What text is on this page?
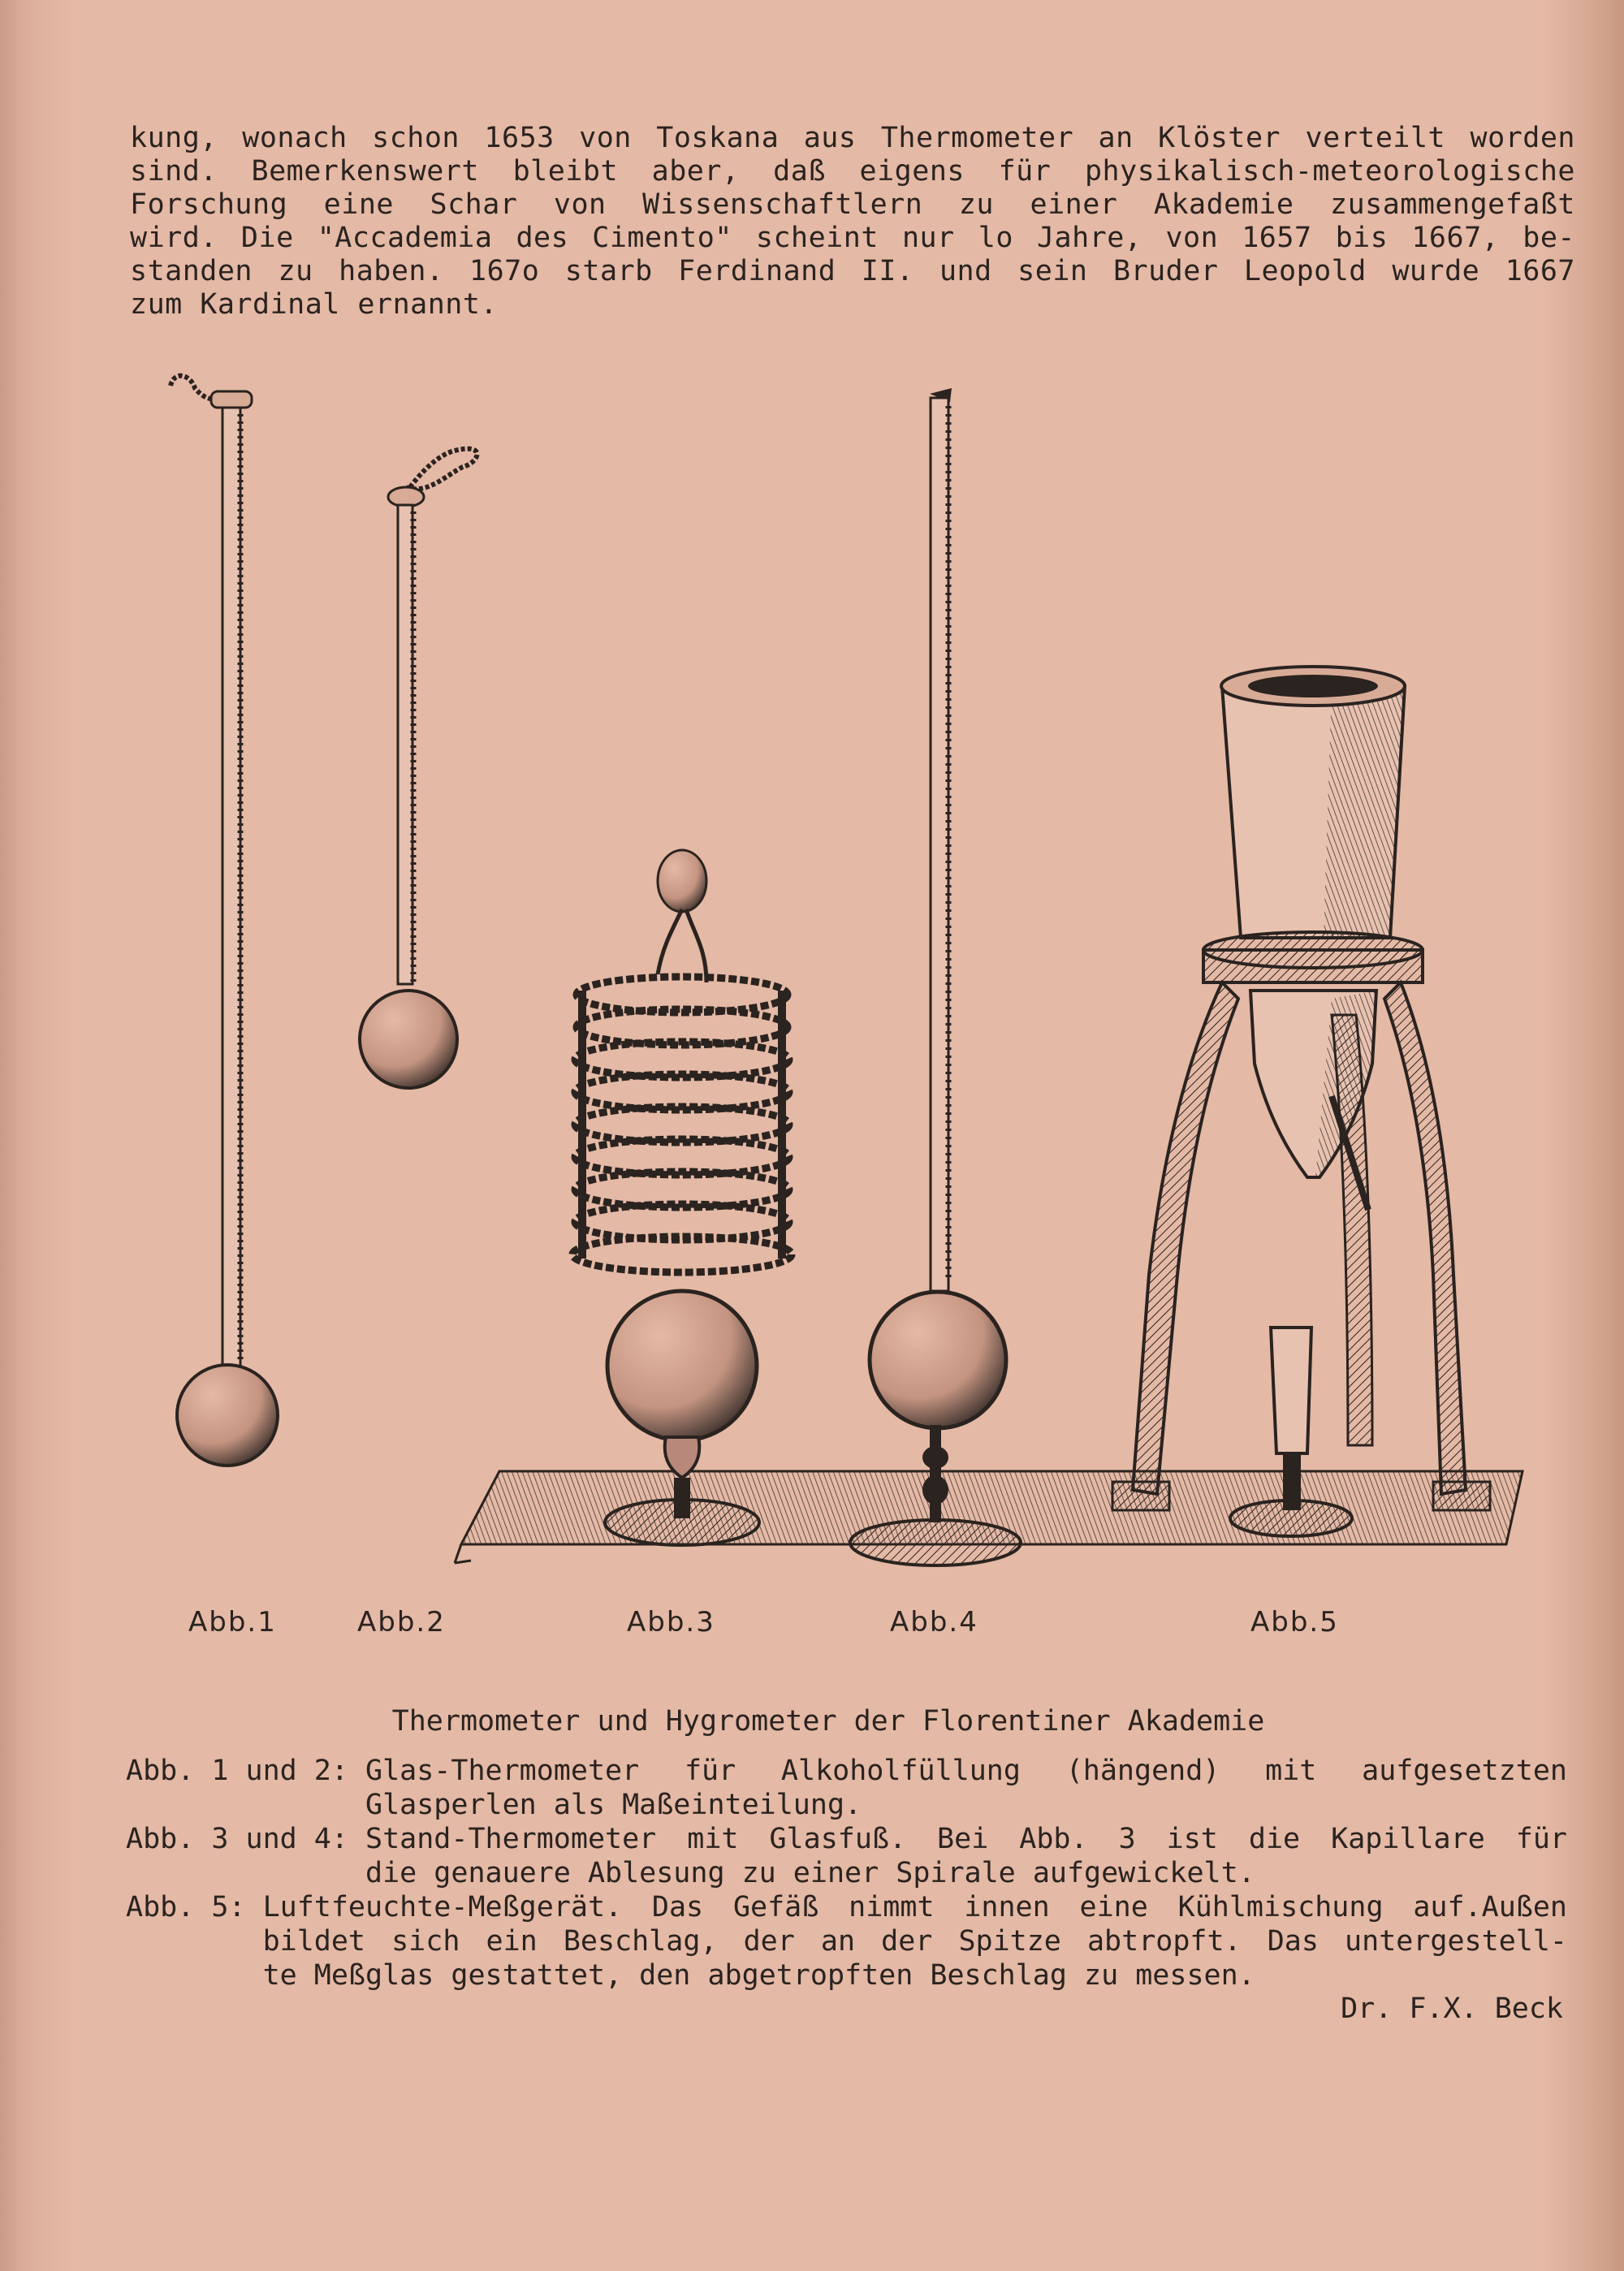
kung, wonach schon 1653 von Toskana aus Thermometer an Klöster verteilt worden
sind. Bemerkenswert bleibt aber, daß eigens für physikalisch-meteorologische
Forschung eine Schar von Wissenschaftlern zu einer Akademie zusammengefaßt
wird. Die "Accademia des Cimento" scheint nur lo Jahre, von 1657 bis 1667, be-
standen zu haben. 167o starb Ferdinand II. und sein Bruder Leopold wurde 1667
zum Kardinal ernannt.
Abb.1	Abb.2	Abb.3	Abb.4	Abb.5
Thermometer und Hygrometer der Florentiner Akademie
Abb. 1 und 2: Glas-Thermometer für Alkoholfüllung (hängend) mit aufgesetzten
Glasperlen als Maßeinteilung.
Abb. 3 und 4: Stand-Thermometer mit Glasfuß. Bei Abb. 3 ist die Kapillare für
die genauere Ablesung zu einer Spirale aufgewickelt.
Abb. 5: Luftfeuchte-Meßgerät. Das Gefäß nimmt innen eine Kühlmischung auf.Außen
bildet sich ein Beschlag, der an der Spitze abtropft. Das untergestell-
te Meßglas gestattet, den abgetropften Beschlag zu messen.
Dr. F.X. Beck
